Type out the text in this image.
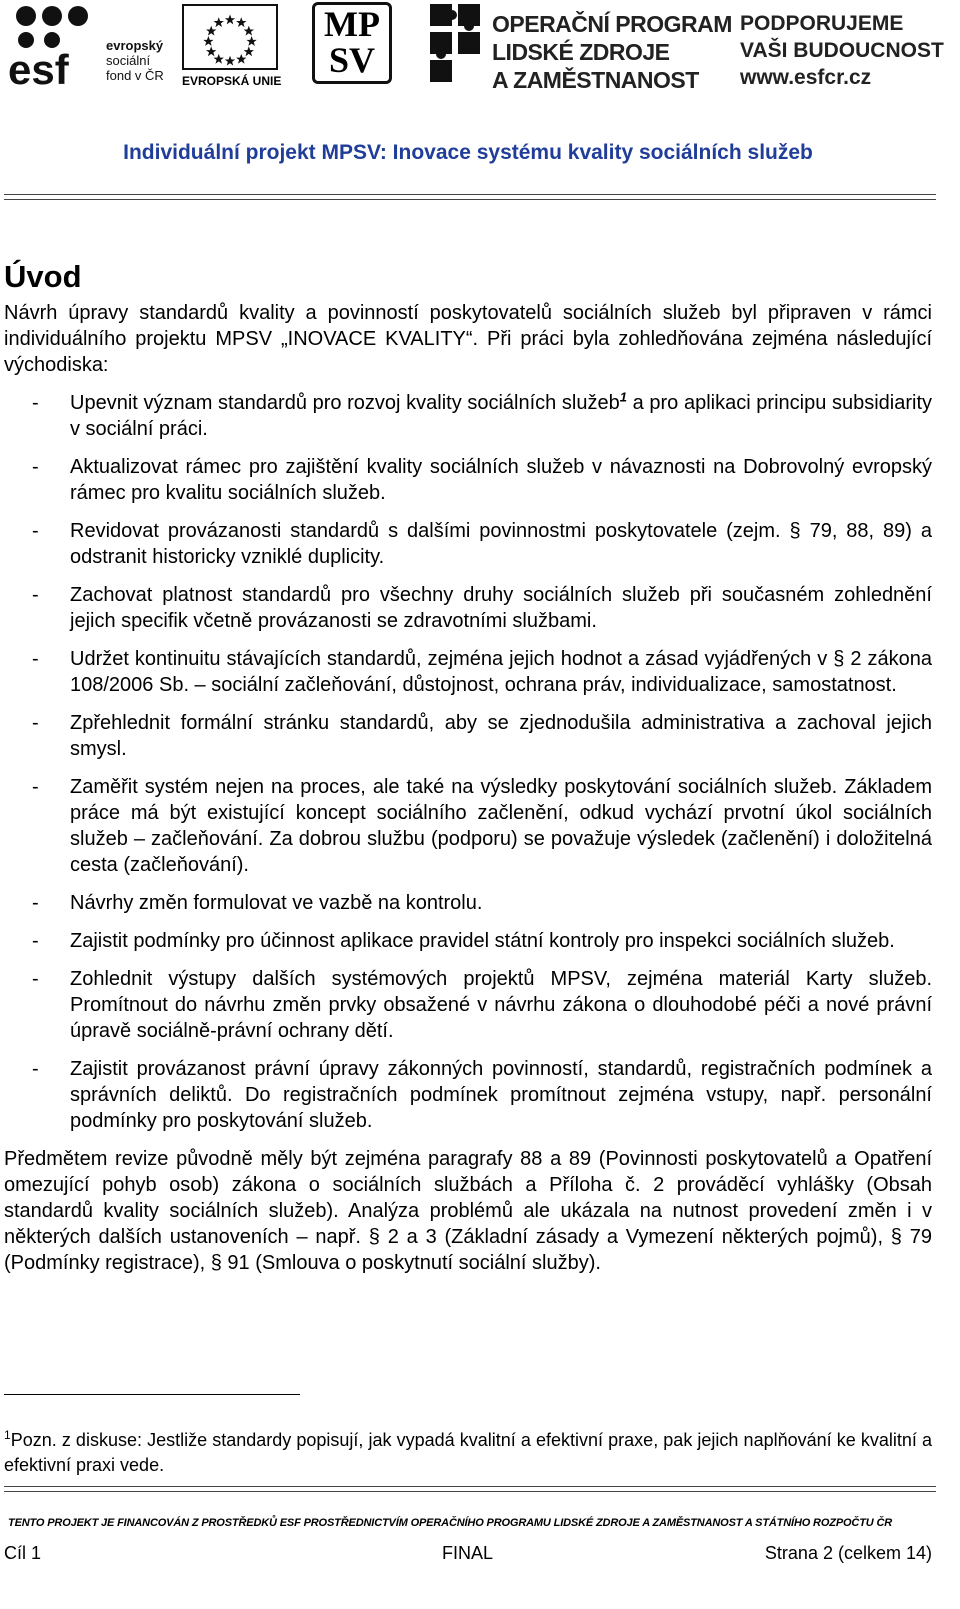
esf
evropský
sociální
fond v ČR EVROPSKÁ UNIE
MP
SV
OPERAČNÍ PROGRAM
LIDSKÉ ZDROJE
A ZAMĚSTNANOST
PODPORUJEME
VAŠI BUDOUCNOST
www.esfcr.cz
Individuální projekt MPSV: Inovace systému kvality sociálních služeb
Úvod

Návrh úpravy standardů kvality a povinností poskytovatelů sociálních služeb byl připraven v rámci individuálního projektu MPSV „INOVACE KVALITY“. Při práci byla zohledňována zejména následující východiska:

- Upevnit význam standardů pro rozvoj kvality sociálních služeb$^1$ a pro aplikaci principu subsidiarity v sociální práci.
- Aktualizovat rámec pro zajištění kvality sociálních služeb v návaznosti na Dobrovolný evropský rámec pro kvalitu sociálních služeb.
- Revidovat provázanosti standardů s dalšími povinnostmi poskytovatele (zejm. § 79, 88, 89) a odstranit historicky vzniklé duplicity.
- Zachovat platnost standardů pro všechny druhy sociálních služeb při současném zohlednění jejich specifik včetně provázanosti se zdravotními službami.
- Udržet kontinuitu stávajících standardů, zejména jejich hodnot a zásad vyjádřených v § 2 zákona 108/2006 Sb. – sociální začleňování, důstojnost, ochrana práv, individualizace, samostatnost.
- Zpřehlednit formální stránku standardů, aby se zjednodušila administrativa a zachoval jejich smysl.
- Zaměřit systém nejen na proces, ale také na výsledky poskytování sociálních služeb. Základem práce má být existující koncept sociálního začlenění, odkud vychází prvotní úkol sociálních služeb – začleňování. Za dobrou službu (podporu) se považuje výsledek (začlenění) i doložitelná cesta (začleňování).
- Návrhy změn formulovat ve vazbě na kontrolu.
- Zajistit podmínky pro účinnost aplikace pravidel státní kontroly pro inspekci sociálních služeb.
- Zohlednit výstupy dalších systémových projektů MPSV, zejména materiál Karty služeb. Promítnout do návrhu změn prvky obsažené v návrhu zákona o dlouhodobé péči a nové právní úpravě sociálně-právní ochrany dětí.
- Zajistit provázanost právní úpravy zákonných povinností, standardů, registračních podmínek a správních deliktů. Do registračních podmínek promítnout zejména vstupy, např. personální podmínky pro poskytování služeb.

Předmětem revize původně měly být zejména paragrafy 88 a 89 (Povinnosti poskytovatelů a Opatření omezující pohyb osob) zákona o sociálních službách a Příloha č. 2 prováděcí vyhlášky (Obsah standardů kvality sociálních služeb). Analýza problémů ale ukázala na nutnost provedení změn i v některých dalších ustanoveních – např. § 2 a 3 (Základní zásady a Vymezení některých pojmů), § 79 (Podmínky registrace), § 91 (Smlouva o poskytnutí sociální služby).

$^1$Pozn. z diskuse: Jestliže standardy popisují, jak vypadá kvalitní a efektivní praxe, pak jejich naplňování ke kvalitní a efektivní praxi vede.
TENTO PROJEKT JE FINANCOVÁN Z PROSTŘEDKŮ ESF PROSTŘEDNICTVÍM OPERAČNÍHO PROGRAMU LIDSKÉ ZDROJE A ZAMĚSTNANOST A STÁTNÍHO ROZPOČTU ČR
Cíl 1	FINAL	Strana 2 (celkem 14)
